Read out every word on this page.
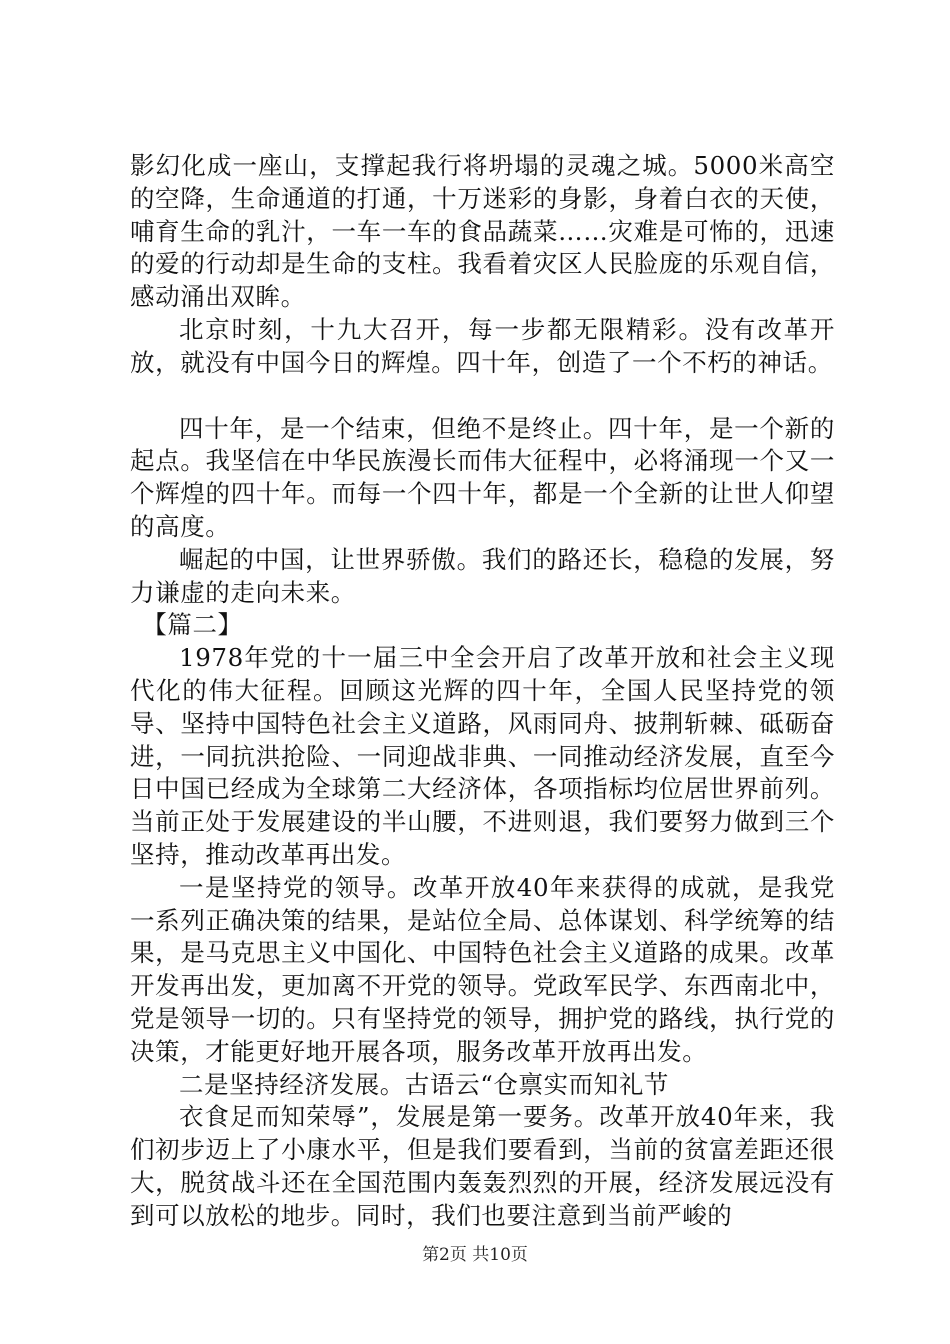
影幻化成一座山，支撑起我行将坍塌的灵魂之城。5000米高空的空降，生命通道的打通，十万迷彩的身影，身着白衣的天使，哺育生命的乳汁，一车一车的食品蔬菜……灾难是可怖的，迅速的爱的行动却是生命的支柱。我看着灾区人民脸庞的乐观自信，感动涌出双眸。

北京时刻，十九大召开，每一步都无限精彩。没有改革开放，就没有中国今日的辉煌。四十年，创造了一个不朽的神话。

四十年，是一个结束，但绝不是终止。四十年，是一个新的起点。我坚信在中华民族漫长而伟大征程中，必将涌现一个又一个辉煌的四十年。而每一个四十年，都是一个全新的让世人仰望的高度。

崛起的中国，让世界骄傲。我们的路还长，稳稳的发展，努力谦虚的走向未来。

【篇二】

1978年党的十一届三中全会开启了改革开放和社会主义现代化的伟大征程。回顾这光辉的四十年，全国人民坚持党的领导、坚持中国特色社会主义道路，风雨同舟、披荆斩棘、砥砺奋进，一同抗洪抢险、一同迎战非典、一同推动经济发展，直至今日中国已经成为全球第二大经济体，各项指标均位居世界前列。当前正处于发展建设的半山腰，不进则退，我们要努力做到三个坚持，推动改革再出发。

一是坚持党的领导。改革开放40年来获得的成就，是我党一系列正确决策的结果，是站位全局、总体谋划、科学统筹的结果，是马克思主义中国化、中国特色社会主义道路的成果。改革开发再出发，更加离不开党的领导。党政军民学、东西南北中，党是领导一切的。只有坚持党的领导，拥护党的路线，执行党的决策，才能更好地开展各项，服务改革开放再出发。

二是坚持经济发展。古语云“仓禀实而知礼节

衣食足而知荣辱”，发展是第一要务。改革开放40年来，我们初步迈上了小康水平，但是我们要看到，当前的贫富差距还很大，脱贫战斗还在全国范围内轰轰烈烈的开展，经济发展远没有到可以放松的地步。同时，我们也要注意到当前严峻的

第2页 共10页
